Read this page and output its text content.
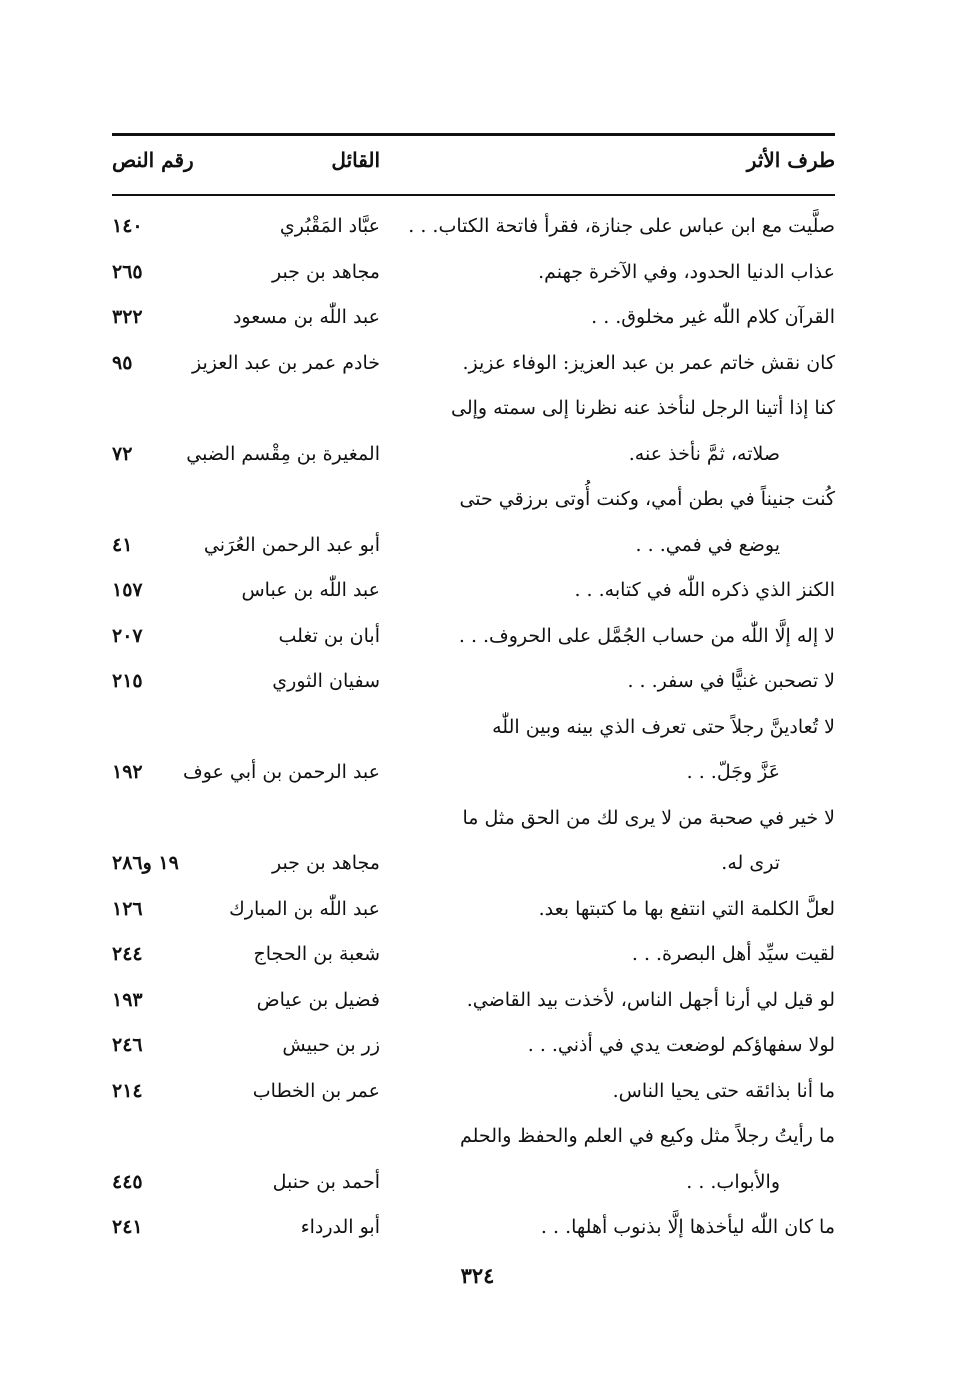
طرف الأثر
القائل
رقم النص
صلَّيت مع ابن عباس على جنازة، فقرأ فاتحة الكتاب. . .
عبَّاد المَقْبُري
١٤٠
عذاب الدنيا الحدود، وفي الآخرة جهنم.
مجاهد بن جبر
٢٦٥
القرآن كلام اللّٰه غير مخلوق. . .
عبد اللّٰه بن مسعود
٣٢٢
كان نقش خاتم عمر بن عبد العزيز: الوفاء عزيز.
خادم عمر بن عبد العزيز
٩٥
كنا إذا أتينا الرجل لنأخذ عنه نظرنا إلى سمته وإلى
صلاته، ثمَّ نأخذ عنه.
المغيرة بن مِقْسم الضبي
٧٢
كُنت جنيناً في بطن أمي، وكنت أُوتى برزقي حتى
يوضع في فمي. . .
أبو عبد الرحمن العُرَني
٤١
الكنز الذي ذكره اللّٰه في كتابه. . .
عبد اللّٰه بن عباس
١٥٧
لا إله إلَّا اللّٰه من حساب الجُمَّل على الحروف. . .
أبان بن تغلب
٢٠٧
لا تصحبن غنيًّا في سفر. . .
سفيان الثوري
٢١٥
لا تُعادينَّ رجلاً حتى تعرف الذي بينه وبين اللّٰه
عَزَّ وجَلّ. . .
عبد الرحمن بن أبي عوف
١٩٢
لا خير في صحبة من لا يرى لك من الحق مثل ما
ترى له.
مجاهد بن جبر
١٩ و٢٨٦
لعلَّ الكلمة التي انتفع بها ما كتبتها بعد.
عبد اللّٰه بن المبارك
١٢٦
لقيت سيِّد أهل البصرة. . .
شعبة بن الحجاج
٢٤٤
لو قيل لي أرنا أجهل الناس، لأخذت بيد القاضي.
فضيل بن عياض
١٩٣
لولا سفهاؤكم لوضعت يدي في أذني. . .
زر بن حبيش
٢٤٦
ما أنا بذائقه حتى يحيا الناس.
عمر بن الخطاب
٢١٤
ما رأيتُ رجلاً مثل وكيع في العلم والحفظ والحلم
والأبواب. . .
أحمد بن حنبل
٤٤٥
ما كان اللّٰه ليأخذها إلَّا بذنوب أهلها. . .
أبو الدرداء
٢٤١
٣٢٤
